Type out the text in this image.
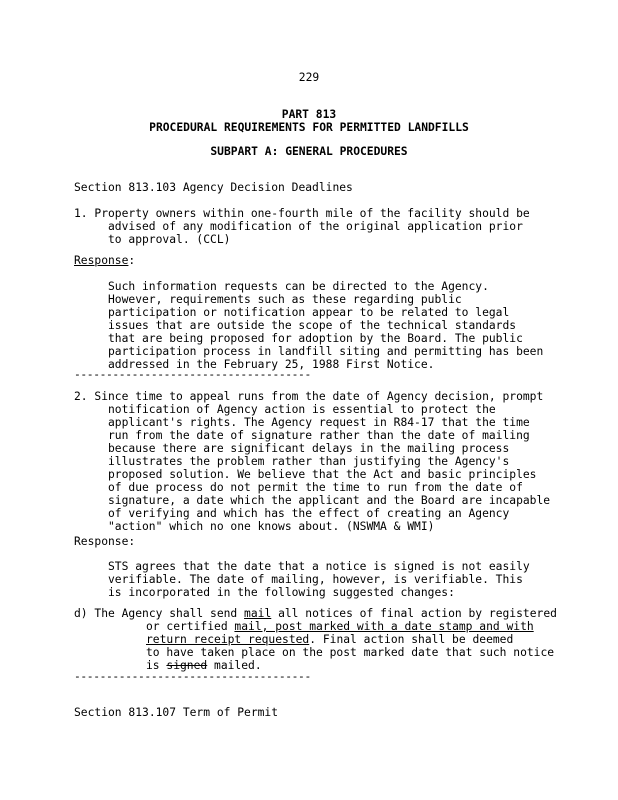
229
PART 813
PROCEDURAL REQUIREMENTS FOR PERMITTED LANDFILLS
SUBPART A: GENERAL PROCEDURES
Section 813.103 Agency Decision Deadlines
1. Property owners within one-fourth mile of the facility should be
advised of any modification of the original application prior
to approval. (CCL)
Response:
Such information requests can be directed to the Agency.
However, requirements such as these regarding public
participation or notification appear to be related to legal
issues that are outside the scope of the technical standards
that are being proposed for adoption by the Board. The public
participation process in landfill siting and permitting has been
addressed in the February 25, 1988 First Notice.
-------------------------------------
2. Since time to appeal runs from the date of Agency decision, prompt
notification of Agency action is essential to protect the
applicant's rights. The Agency request in R84-17 that the time
run from the date of signature rather than the date of mailing
because there are significant delays in the mailing process
illustrates the problem rather than justifying the Agency's
proposed solution. We believe that the Act and basic principles
of due process do not permit the time to run from the date of
signature, a date which the applicant and the Board are incapable
of verifying and which has the effect of creating an Agency
"action" which no one knows about. (NSWMA & WMI)
Response:
STS agrees that the date that a notice is signed is not easily
verifiable. The date of mailing, however, is verifiable. This
is incorporated in the following suggested changes:
d) The Agency shall send mail all notices of final action by registered
or certified mail, post marked with a date stamp and with
return receipt requested. Final action shall be deemed
to have taken place on the post marked date that such notice
is signed mailed.
-------------------------------------
Section 813.107 Term of Permit
